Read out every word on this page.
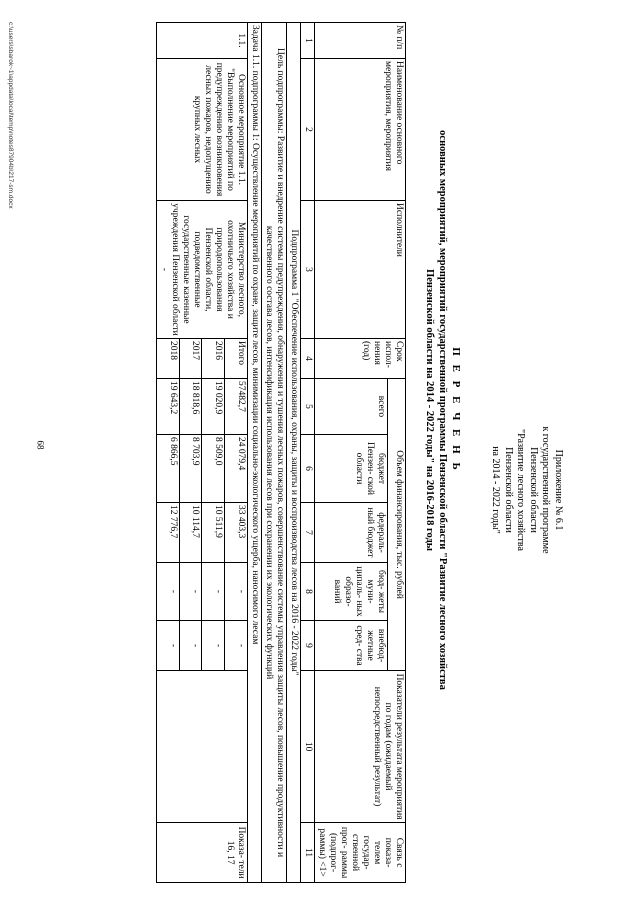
68
Приложение № 6.1
к государственной программе
Пензенской области
"Развитие лесного хозяйства
Пензенской области
на 2014 - 2022 годы"
П Е Р Е Ч Е Н Ь
основных мероприятий, мероприятий государственной программы Пензенской области "Развитие лесного хозяйства
Пензенской области на 2014 - 2022 годы" на 2016-2018 годы
№ п/п	Наименование основного мероприятия, мероприятия	Исполнители	Срок испол- нения (год)	Объем финансирования, тыс. рублей					Показатели результата мероприятия по годам (ожидаемый непосредственный результат)	Связь с показа- телем государ- ственной прог- раммы (подпрог- раммы) <1>
				всего	бюджет Пензен- ской области	федераль- ный бюджет	бюд- жеты муни- ципаль- ных образо- ваний	внебюд- жетные сред- ства		
1	2	3	4	5	6	7	8	9	10	11
Подпрограмма 1 "Обеспечение использования, охраны, защиты и воспроизводства лесов на 2016 - 2022 годы"										
Цель подпрограммы: Развитие и внедрение системы предупреждения, обнаружения и тушения лесных пожаров, совершенствование системы управления защиты лесов, повышение продуктивности и качественного состава лесов, интенсификация использования лесов при сохранении их экологических функций										
Задача 1.1. подпрограммы 1: Осуществление мероприятий по охране, защите лесов, минимизации социально-экологического ущерба, наносимого лесам										
1.1.	Основное мероприятие 1.1. "Выполнение мероприятий по предупреждению возникновения лесных пожаров, недопущению крупных лесных	Министерство лесного, охотничьего хозяйства и природопользования Пензенской области, подведомственные государственные казенные учреждения Пензенской области -	Итого	57482,7	24 079,4	33 403,3	-	-		Показа- тели 16, 17
			2016	19 020,9	8 509,0	10 511,9	-	-		
			2017	18 818,6	8 703,9	10 114,7	-	-		
			2018	19 643,2	6 866,5	12 776,7	-	-		
c:\users\sbarok~1\appdata\local\temp\notes87904b\217-sm.docx
